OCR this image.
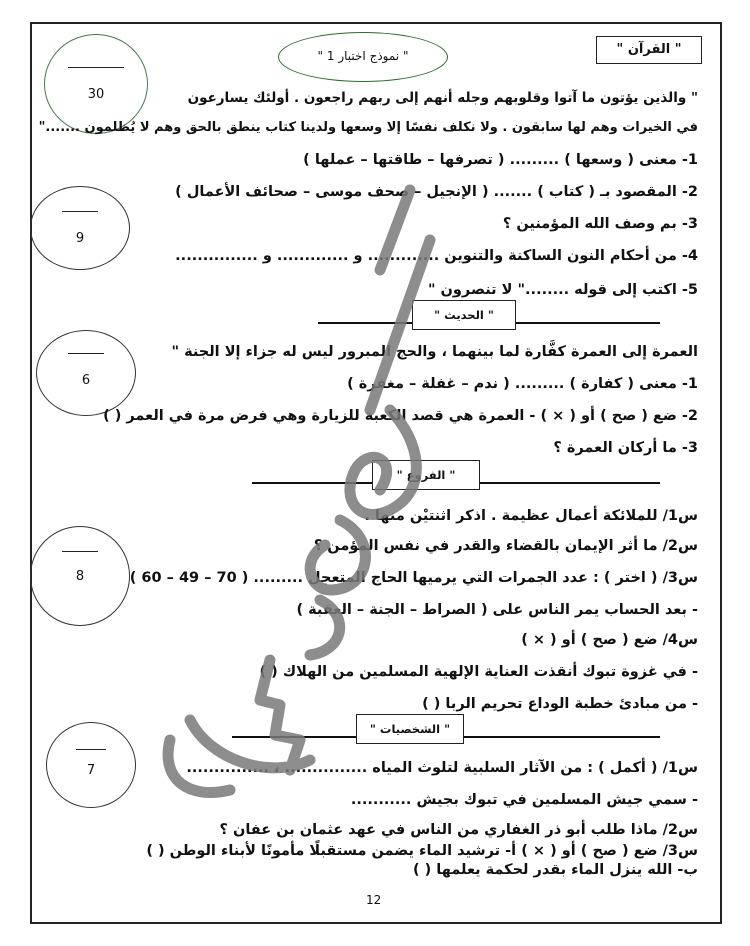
" القرآن "
" نموذج اختبار 1 "
30
9
6
8
7
" والذين يؤتون ما آتوا وقلوبهم وجله أنهم إلى ربهم راجعون . أولئك يسارعون
في الخيرات وهم لها سابقون . ولا نكلف نفسًا إلا وسعها ولدينا كتاب ينطق بالحق وهم لا يُظلمون ......."
1- معنى ( وسعها ) ......... ( تصرفها – طاقتها – عملها )
2- المقصود بـ ( كتاب ) ....... ( الإنجيل – صحف موسى – صحائف الأعمال )
3- بم وصف الله المؤمنين ؟
4- من أحكام النون الساكنة والتنوين ............. و ............. و ...............
5- اكتب إلى قوله ........" لا تنصرون "
" الحديث "
العمرة إلى العمرة كفَّارة لما بينهما ، والحج المبرور ليس له جزاء إلا الجنة "
1- معنى ( كفارة ) ......... ( ندم – غفلة – مغفرة )
2- ضع ( صح ) أو ( × ) - العمرة هي قصد الكعبة للزيارة وهي فرض مرة في العمر ( )
3- ما أركان العمرة ؟
" الفروع "
س1/ للملائكة أعمال عظيمة . اذكر اثنتيْن منها .
س2/ ما أثر الإيمان بالقضاء والقدر في نفس المؤمن ؟
س3/ ( اختر ) : عدد الجمرات التي يرميها الحاج المتعجل ......... ( 70 – 49 – 60 )
- بعد الحساب يمر الناس على ( الصراط – الجنة – العقبة )
س4/ ضع ( صح ) أو ( × )
- في غزوة تبوك أنقذت العناية الإلهية المسلمين من الهلاك ( )
- من مبادئ خطبة الوداع تحريم الربا ( )
" الشخصيات "
س1/ ( أكمل ) : من الآثار السلبية لتلوث المياه ............... ، ...............
- سمي جيش المسلمين في تبوك بجيش ...........
س2/ ماذا طلب أبو ذر الغفاري من الناس في عهد عثمان بن عفان ؟
س3/ ضع ( صح ) أو ( × ) أ- ترشيد الماء يضمن مستقبلًا مأمونًا لأبناء الوطن ( )
ب- الله ينزل الماء بقدر لحكمة يعلمها ( )
12
